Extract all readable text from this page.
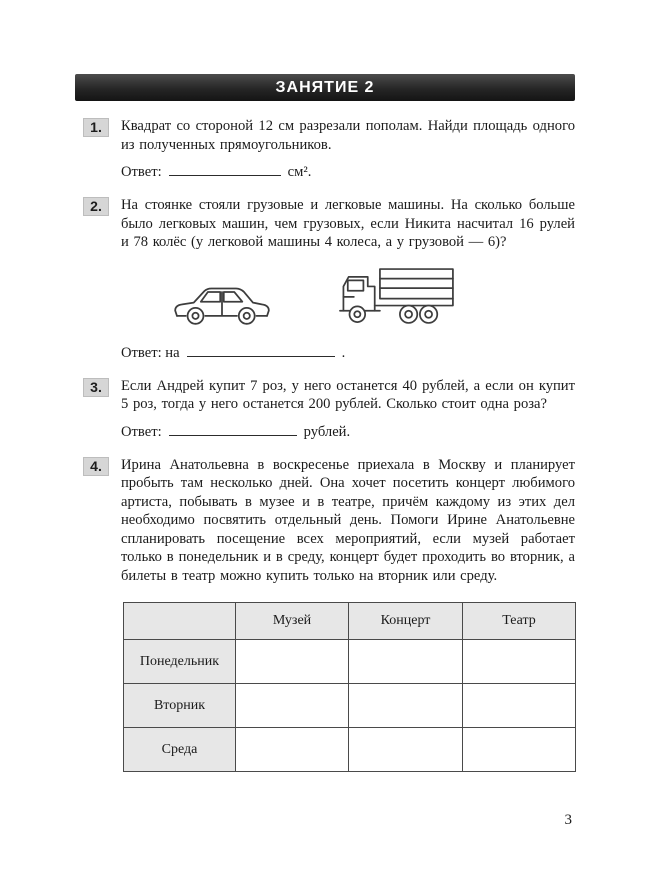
ЗАНЯТИЕ 2
1.	Квадрат со стороной 12 см разрезали пополам. Найди площадь одного из полученных прямоугольников.

Ответ:	см².
2.	На стоянке стояли грузовые и легковые машины. На сколько больше было легковых машин, чем грузовых, если Никита насчитал 16 рулей и 78 колёс (у легковой машины 4 колеса, а у грузовой — 6)?

Ответ: на	.
3.	Если Андрей купит 7 роз, у него останется 40 рублей, а если он купит 5 роз, тогда у него останется 200 рублей. Сколько стоит одна роза?

Ответ:	рублей.
4.	Ирина Анатольевна в воскресенье приехала в Москву и планирует пробыть там несколько дней. Она хочет посетить концерт любимого артиста, побывать в музее и в театре, причём каждому из этих дел необходимо посвятить отдельный день. Помоги Ирине Анатольевне спланировать посещение всех мероприятий, если музей работает только в понедельник и в среду, концерт будет проходить во вторник, а билеты в театр можно купить только на вторник или среду.

	Музей	Концерт	Театр
Понедельник			
Вторник			
Среда			
3
